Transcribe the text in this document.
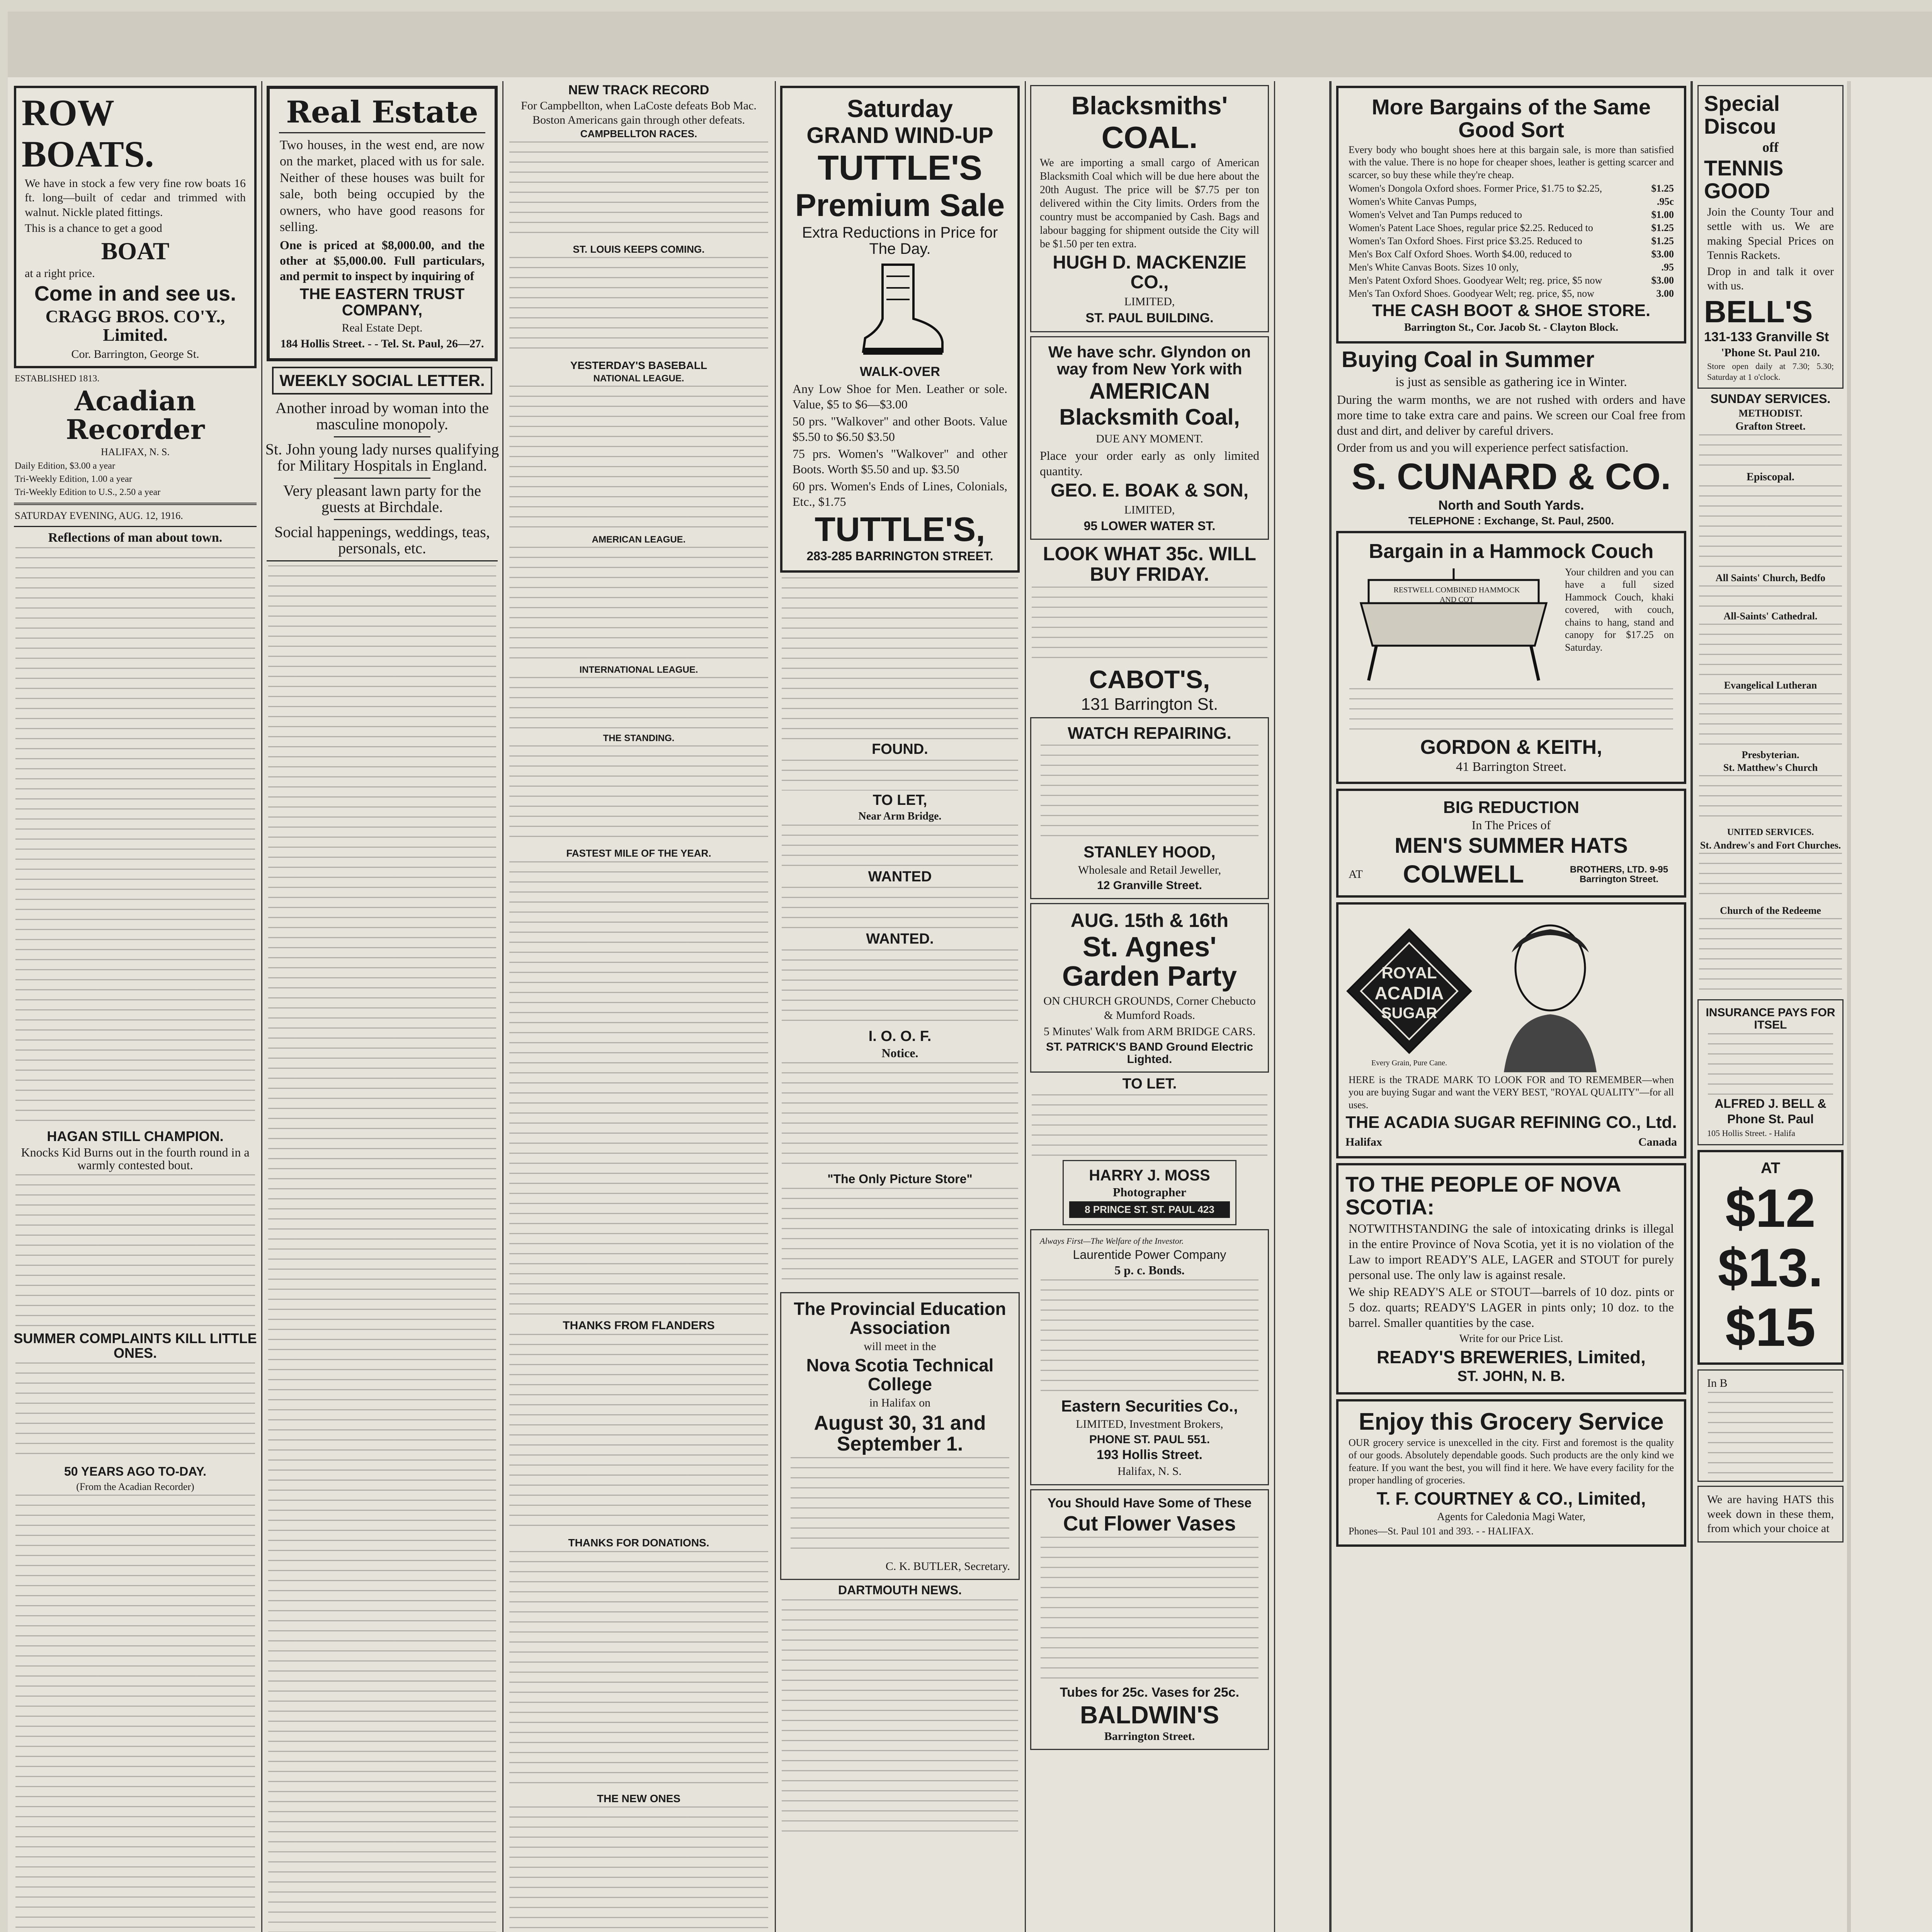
ROW
BOATS.
We have in stock a few very fine row boats 16 ft. long—built of cedar and trimmed with walnut. Nickle plated fittings.
This is a chance to get a good
BOAT
at a right price.
Come in and see us.
CRAGG BROS. CO'Y., Limited.
Cor. Barrington, George St.
ESTABLISHED 1813.
Acadian Recorder
HALIFAX, N. S.
Daily Edition, $3.00 a year
Tri-Weekly Edition, 1.00 a year
Tri-Weekly Edition to U.S., 2.50 a year
SATURDAY EVENING, AUG. 12, 1916.
Reflections of man about town.
HAGAN STILL CHAMPION.
Knocks Kid Burns out in the fourth round in a warmly contested bout.
SUMMER COMPLAINTS KILL LITTLE ONES.
50 YEARS AGO TO-DAY.
(From the Acadian Recorder)
Real Estate
Two houses, in the west end, are now on the market, placed with us for sale. Neither of these houses was built for sale, both being occupied by the owners, who have good reasons for selling.
One is priced at $8,000.00, and the other at $5,000.00. Full particulars, and permit to inspect by inquiring of
THE EASTERN TRUST COMPANY,
Real Estate Dept.
184 Hollis Street. - - Tel. St. Paul, 26—27.
WEEKLY SOCIAL LETTER.
Another inroad by woman into the masculine monopoly.
St. John young lady nurses qualifying for Military Hospitals in England.
Very pleasant lawn party for the guests at Birchdale.
Social happenings, weddings, teas, personals, etc.
NEW TRACK RECORD
For Campbellton, when LaCoste defeats Bob Mac.
Boston Americans gain through other defeats.
CAMPBELLTON RACES.
ST. LOUIS KEEPS COMING.
YESTERDAY'S BASEBALL
NATIONAL LEAGUE.
AMERICAN LEAGUE.
INTERNATIONAL LEAGUE.
THE STANDING.
FASTEST MILE OF THE YEAR.
THANKS FROM FLANDERS
THANKS FOR DONATIONS.
THE NEW ONES
Saturday
GRAND WIND-UP
TUTTLE'S
Premium Sale
Extra Reductions in Price for The Day.
WALK-OVER
Any Low Shoe for Men. Leather or sole. Value, $5 to $6—$3.00
50 prs. "Walkover" and other Boots. Value $5.50 to $6.50 $3.50
75 prs. Women's "Walkover" and other Boots. Worth $5.50 and up. $3.50
60 prs. Women's Ends of Lines, Colonials, Etc., $1.75
TUTTLE'S,
283-285 BARRINGTON STREET.
FOUND.
TO LET,
Near Arm Bridge.
WANTED
WANTED.
I. O. O. F.
Notice.
"The Only Picture Store"
The Provincial Education Association
will meet in the
Nova Scotia Technical College
in Halifax on
August 30, 31 and September 1.
C. K. BUTLER, Secretary.
DARTMOUTH NEWS.
Blacksmiths'
COAL.
We are importing a small cargo of American Blacksmith Coal which will be due here about the 20th August. The price will be $7.75 per ton delivered within the City limits. Orders from the country must be accompanied by Cash. Bags and labour bagging for shipment outside the City will be $1.50 per ten extra.
HUGH D. MACKENZIE CO.,
LIMITED,
ST. PAUL BUILDING.
We have schr. Glyndon on way from New York with
AMERICAN
Blacksmith Coal,
DUE ANY MOMENT.
Place your order early as only limited quantity.
GEO. E. BOAK & SON,
LIMITED,
95 LOWER WATER ST.
LOOK WHAT 35c. WILL BUY FRIDAY.
CABOT'S,
131 Barrington St.
WATCH REPAIRING.
STANLEY HOOD,
Wholesale and Retail Jeweller,
12 Granville Street.
AUG. 15th & 16th
St. Agnes' Garden Party
ON CHURCH GROUNDS, Corner Chebucto & Mumford Roads.
5 Minutes' Walk from ARM BRIDGE CARS.
ST. PATRICK'S BAND Ground Electric Lighted.
TO LET.
HARRY J. MOSS
Photographer
8 PRINCE ST. ST. PAUL 423
Always First—The Welfare of the Investor.
Laurentide Power Company
5 p. c. Bonds.
Eastern Securities Co.,
LIMITED, Investment Brokers,
PHONE ST. PAUL 551.
193 Hollis Street.
Halifax, N. S.
You Should Have Some of These
Cut Flower Vases
Tubes for 25c. Vases for 25c.
BALDWIN'S
Barrington Street.
More Bargains of the Same Good Sort
Every body who bought shoes here at this bargain sale, is more than satisfied with the value. There is no hope for cheaper shoes, leather is getting scarcer and scarcer, so buy these while they're cheap.
Women's Dongola Oxford shoes. Former Price, $1.75 to $2.25,	$1.25
Women's White Canvas Pumps,	.95c
Women's Velvet and Tan Pumps reduced to	$1.00
Women's Patent Lace Shoes, regular price $2.25. Reduced to	$1.25
Women's Tan Oxford Shoes. First price $3.25. Reduced to	$1.25
Men's Box Calf Oxford Shoes. Worth $4.00, reduced to	$3.00
Men's White Canvas Boots. Sizes 10 only,	.95
Men's Patent Oxford Shoes. Goodyear Welt; reg. price, $5 now	$3.00
Men's Tan Oxford Shoes. Goodyear Welt; reg. price, $5, now	3.00
THE CASH BOOT & SHOE STORE.
Barrington St., Cor. Jacob St. - Clayton Block.
Buying Coal in Summer
is just as sensible as gathering ice in Winter.
During the warm months, we are not rushed with orders and have more time to take extra care and pains. We screen our Coal free from dust and dirt, and deliver by careful drivers.
Order from us and you will experience perfect satisfaction.
S. CUNARD & CO.
North and South Yards.
TELEPHONE : Exchange, St. Paul, 2500.
Bargain in a Hammock Couch
RESTWELL COMBINED HAMMOCK AND COT
Your children and you can have a full sized Hammock Couch, khaki covered, with couch, chains to hang, stand and canopy for $17.25 on Saturday.
GORDON & KEITH,
41 Barrington Street.
BIG REDUCTION
In The Prices of
MEN'S SUMMER HATS
AT COLWELL	BROTHERS, LTD. 9-95 Barrington Street.
ROYAL
ACADIA
SUGAR
Every Grain, Pure Cane.
HERE is the TRADE MARK TO LOOK FOR and TO REMEMBER—when you are buying Sugar and want the VERY BEST, "ROYAL QUALITY"—for all uses.
THE ACADIA SUGAR REFINING CO., Ltd.
Halifax	Canada
TO THE PEOPLE OF NOVA SCOTIA:
NOTWITHSTANDING the sale of intoxicating drinks is illegal in the entire Province of Nova Scotia, yet it is no violation of the Law to import READY'S ALE, LAGER and STOUT for purely personal use. The only law is against resale.
We ship READY'S ALE or STOUT—barrels of 10 doz. pints or 5 doz. quarts; READY'S LAGER in pints only; 10 doz. to the barrel. Smaller quantities by the case.
Write for our Price List.
READY'S BREWERIES, Limited,
ST. JOHN, N. B.
Enjoy this Grocery Service
OUR grocery service is unexcelled in the city. First and foremost is the quality of our goods. Absolutely dependable goods. Such products are the only kind we feature. If you want the best, you will find it here. We have every facility for the proper handling of groceries.
T. F. COURTNEY & CO., Limited,
Agents for Caledonia Magi Water,
Phones—St. Paul 101 and 393. - - HALIFAX.
Special Discou
off
TENNIS GOOD
Join the County Tour and settle with us. We are making Special Prices on Tennis Rackets.
Drop in and talk it over with us.
BELL'S
131-133 Granville St
'Phone St. Paul 210.
Store open daily at 7.30; 5.30; Saturday at 1 o'clock.
SUNDAY SERVICES.
METHODIST.
Grafton Street.
Episcopal.
All Saints' Church, Bedfo
All-Saints' Cathedral.
Evangelical Lutheran
Presbyterian.
St. Matthew's Church
UNITED SERVICES.
St. Andrew's and Fort Churches.
Church of the Redeeme
INSURANCE PAYS FOR ITSEL
ALFRED J. BELL &
Phone St. Paul
105 Hollis Street. - Halifa
AT
$12
$13.
$15
In B
We are having HATS this week down in these them, from which your choice at
